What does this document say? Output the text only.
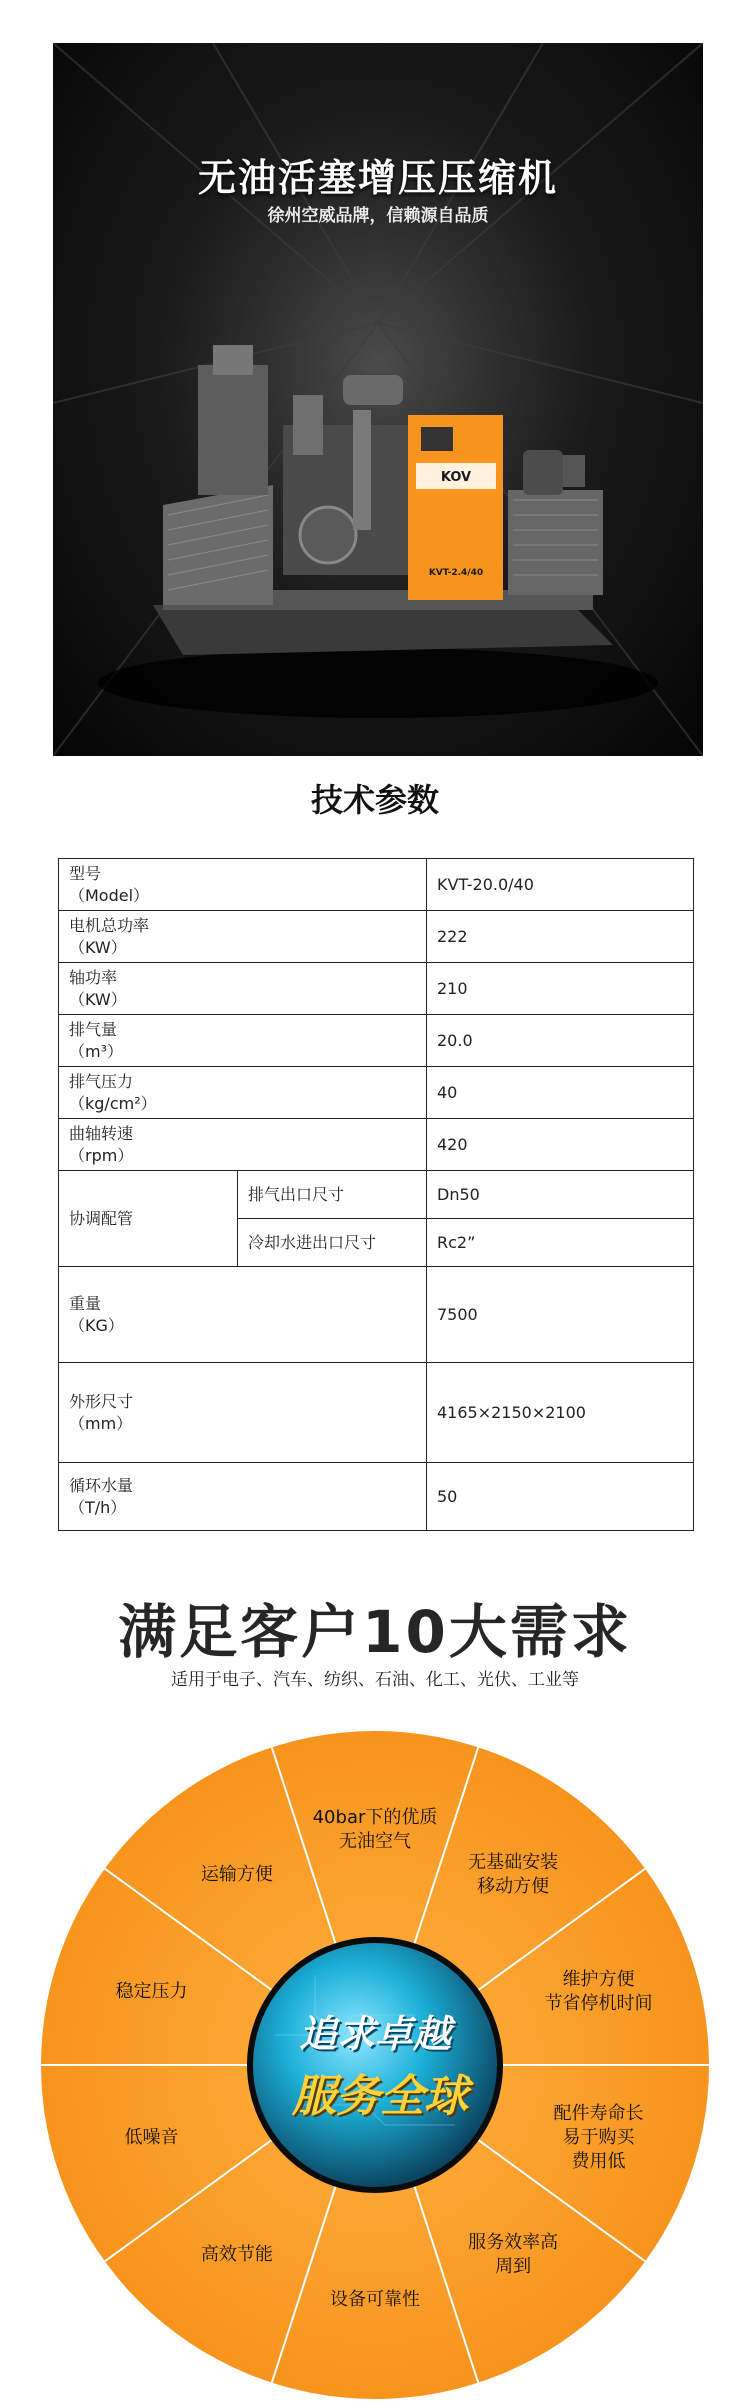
无油活塞增压压缩机
徐州空威品牌，信赖源自品质
KOV
KVT-2.4/40
技术参数
型号
（Model）		KVT-20.0/40

电机总功率
（KW）		222

轴功率
（KW）		210

排气量
（m³）		20.0

排气压力
（kg/cm²）		40

曲轴转速
（rpm）		420
协调配管	排气出口尺寸	Dn50
	冷却水进出口尺寸	Rc2”

重量
（KG）		7500

外形尺寸
（mm）		4165×2150×2100

循环水量
（T/h）		50
满足客户10大需求
适用于电子、汽车、纺织、石油、化工、光伏、工业等
40bar下的优质
无油空气
无基础安装
移动方便
维护方便
节省停机时间
配件寿命长
易于购买
费用低
服务效率高
周到
设备可靠性
高效节能
低噪音
稳定压力
运输方便
追求卓越
服务全球
